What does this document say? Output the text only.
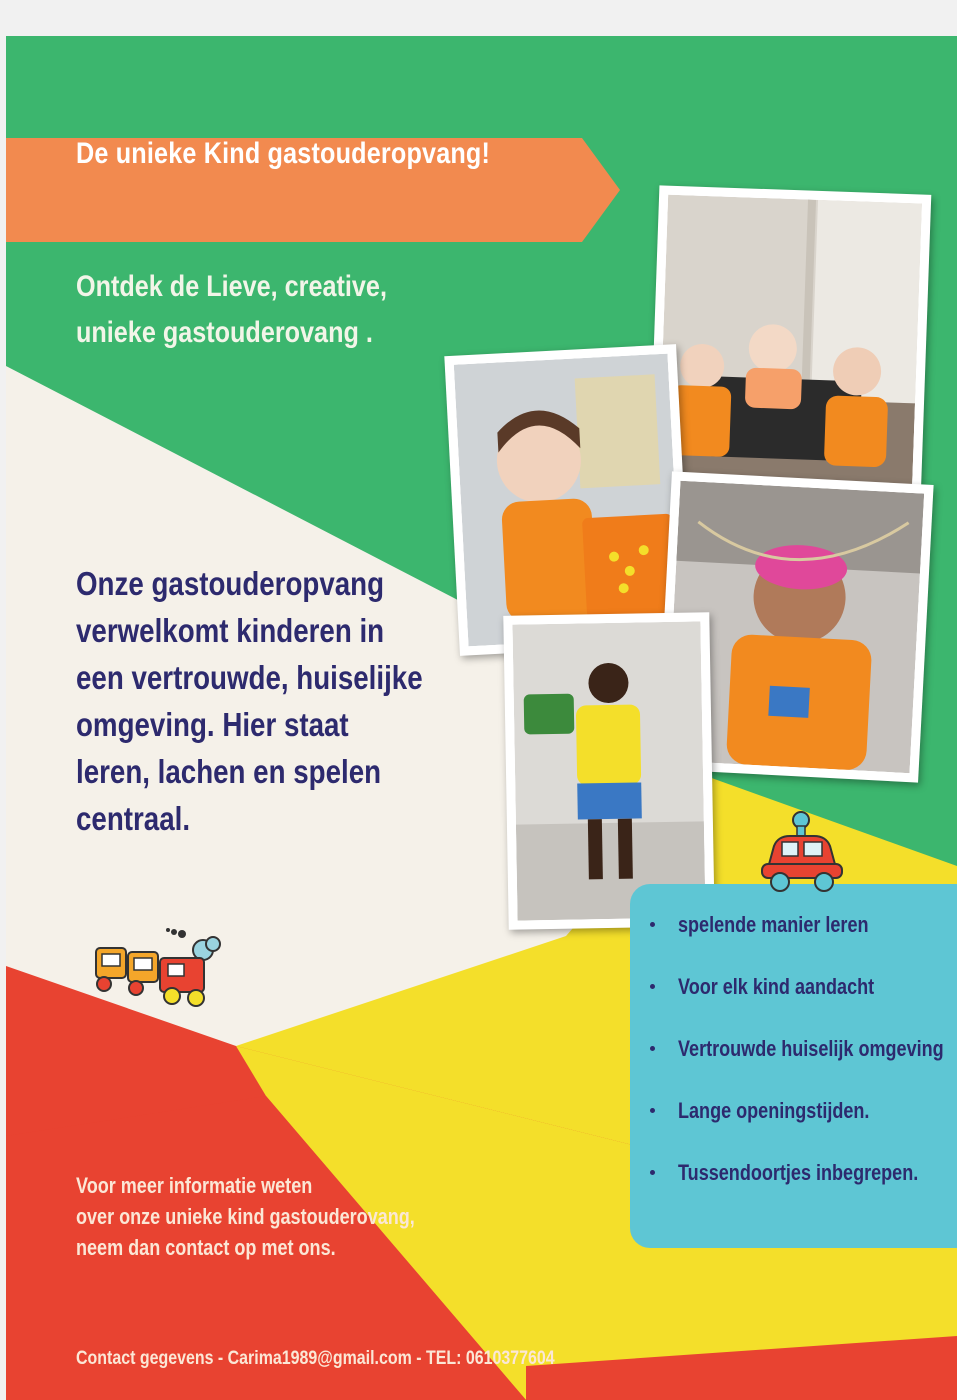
De unieke Kind gastouderopvang!
Ontdek de Lieve, creative,
unieke gastouderovang .
Onze gastouderopvang
verwelkomt kinderen in
een vertrouwde, huiselijke
omgeving. Hier staat
leren, lachen en spelen
centraal.
spelende manier leren
Voor elk kind aandacht
Vertrouwde huiselijk omgeving
Lange openingstijden.
Tussendoortjes inbegrepen.
Voor meer informatie weten
over onze unieke kind gastouderovang,
neem dan contact op met ons.
Contact gegevens - Carima1989@gmail.com - TEL: 0610377604
